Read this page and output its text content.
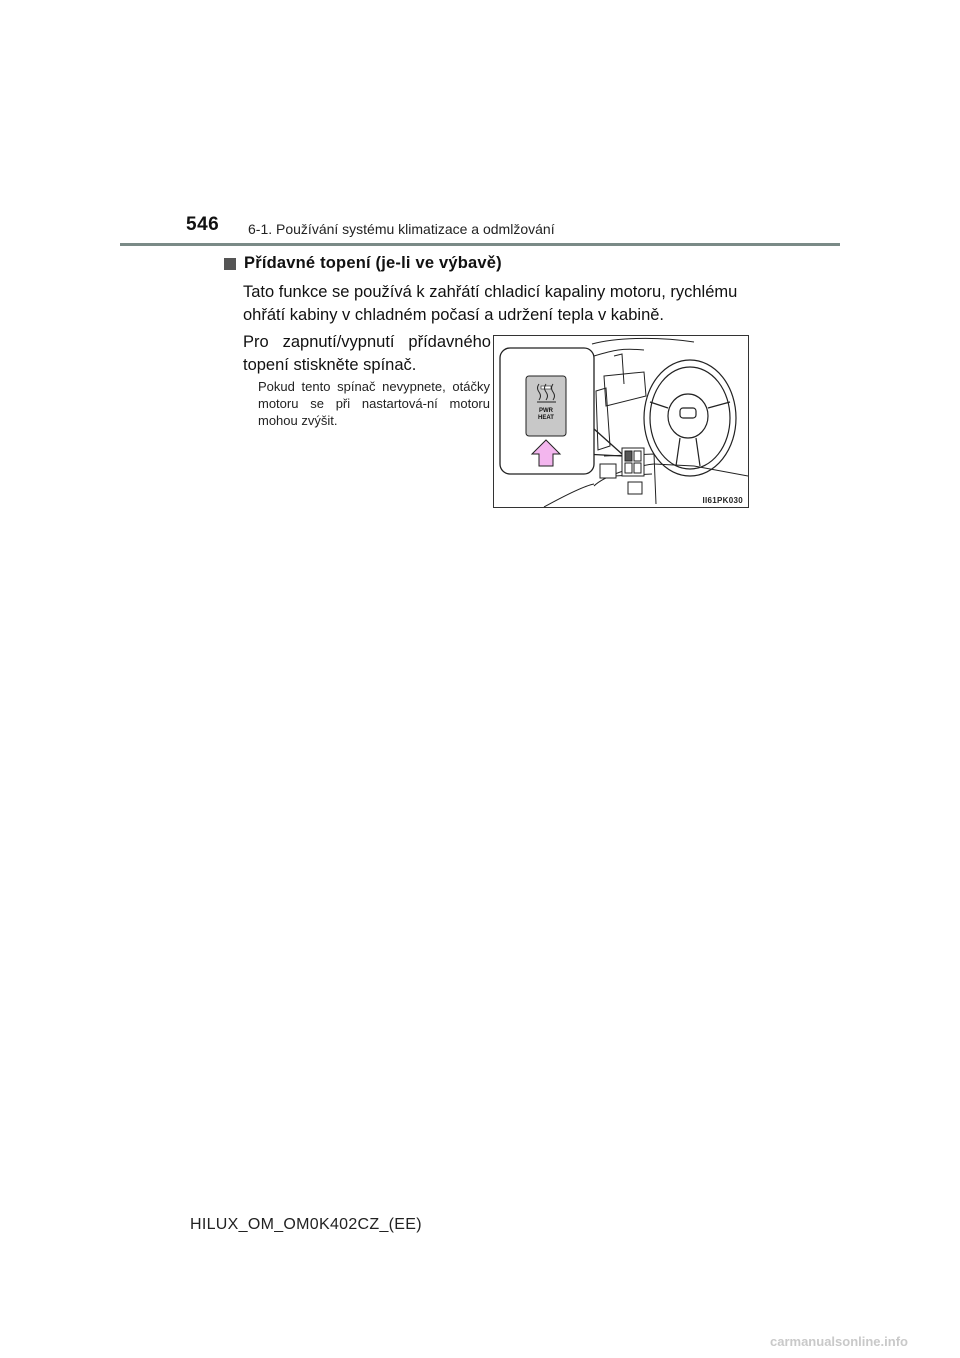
546 6-1. Používání systému klimatizace a odmlžování
Přídavné topení (je-li ve výbavě)
Tato funkce se používá k zahřátí chladicí kapaliny motoru, rychlému ohřátí kabiny v chladném počasí a udržení tepla v kabině.
Pro zapnutí/vypnutí přídavného topení stiskněte spínač.
Pokud tento spínač nevypnete, otáčky motoru se při nastartová-ní motoru mohou zvýšit.
PWR
HEAT
II61PK030
HILUX_OM_OM0K402CZ_(EE)
carmanualsonline.info
